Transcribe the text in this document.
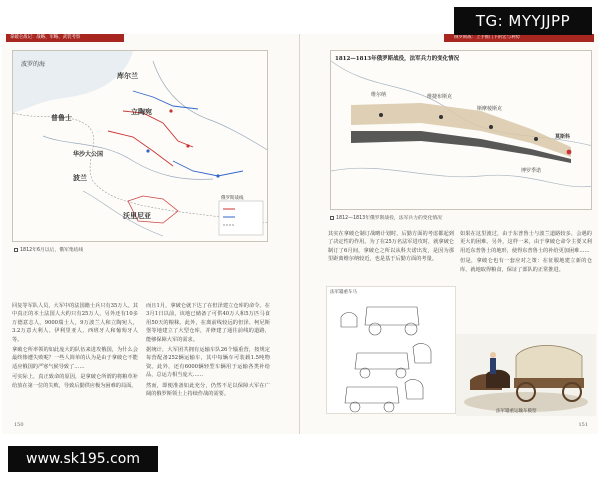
拿破仑战记：战略、军略、武装考察
波罗的海
库尔兰
立陶宛
普鲁士
华沙大公国
波兰
沃里尼亚
俄罗斯战线
1812年6月以后，俄军集结线

回复等军队人员，大军中的法国籍士兵只有35万人。其中真正的本土法国人大约只有25万人，另外还有10多万德意志人，9000瑞士人，9万波兰人和立陶宛人，3.2万意大利人、伊利里亚人、西班牙人和葡萄牙人等。

拿破仑所率领的如此庞大的队伍来进攻俄国，为什么会最终惨遭失败呢？一些人简单的认为是由于拿破仑不能适应俄国的严寒气候导致了……

可实际上，真正致命的原因，是拿破仑所谓的将粮草补给放在第一位的失败，导致后勤供应极为困难的局面。

而且1月，拿破仑就下达了在但泽建立仓库的命令。在3月1日以前，该地已储备了可供40万人和5万匹马食用50天的粮秣。此外，在离前线较远的但泽、柯尼斯堡等地建立了大型仓库，并修建了通往前线的道路，能够保障大军的需求。

据统计，大军团共拥有运输车队26个辎重营，按规定每营配备252辆运输车，其中每辆车可装载1.5吨物资。此外，还有6000辆轻型车辆用于运输各类补给品，总运力相当庞大……

然而，即便准备如此充分，仍然不足以保障大军在广阔的俄罗斯领土上持续作战的需要。

150
俄罗斯战：上手推门下的宏与利势
1812—1813年俄罗斯战役，法军兵力的变化情况
维尔纳	维捷布斯克
斯摩棱斯克
博罗季诺
莫斯科
1812—1813年俄罗斯战役，法军兵力的变化情况

其实在拿破仑制订战略计划时，后勤方面的考虑都起到了决定性的作用。为了在25万名法军进攻时，就拿破仑制订了6月间，拿破仑之所以从科夫诺出发，是因为那里距离维尔纳较近，也是基于后勤方面的考量。

如果在这里渡过，由于东普鲁士与波兰道路较多，会遇的更大的困难。另外，这样一来，由于拿破仑命令主要又利用近东普鲁士的地形，使得东普鲁士的补给更加困难……

但是，拿破仑也有一套应对之策：在征服地建立新的仓库，就地取得粮食，保证了部队的正常推进。

法军辎重车马
法军辎重运输车模型
151
TG: MYYJJPP
www.sk195.com
